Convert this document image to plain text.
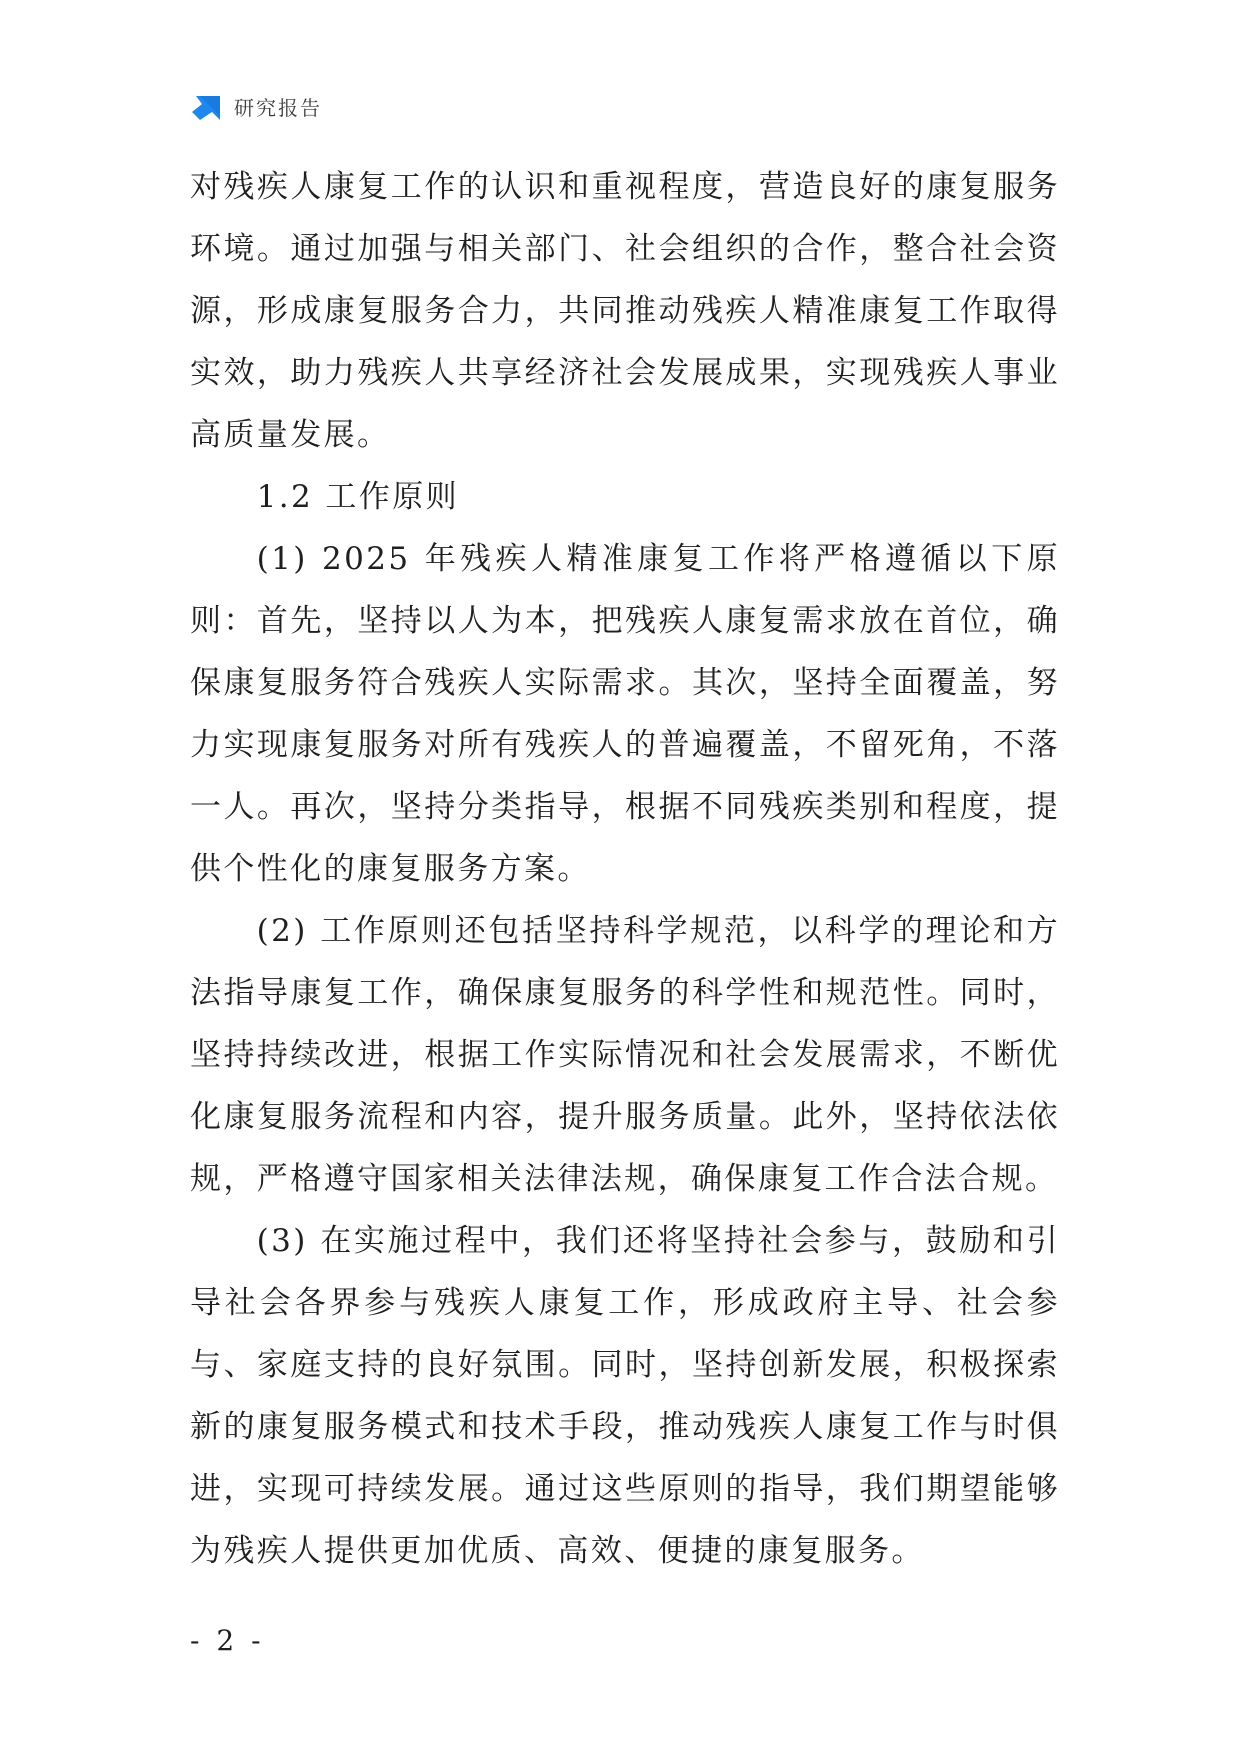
研究报告

对残疾人康复工作的认识和重视程度，营造良好的康复服务环境。通过加强与相关部门、社会组织的合作，整合社会资源，形成康复服务合力，共同推动残疾人精准康复工作取得实效，助力残疾人共享经济社会发展成果，实现残疾人事业高质量发展。

1.2 工作原则

(1) 2025 年残疾人精准康复工作将严格遵循以下原则：首先，坚持以人为本，把残疾人康复需求放在首位，确保康复服务符合残疾人实际需求。其次，坚持全面覆盖，努力实现康复服务对所有残疾人的普遍覆盖，不留死角，不落一人。再次，坚持分类指导，根据不同残疾类别和程度，提供个性化的康复服务方案。

(2) 工作原则还包括坚持科学规范，以科学的理论和方法指导康复工作，确保康复服务的科学性和规范性。同时，坚持持续改进，根据工作实际情况和社会发展需求，不断优化康复服务流程和内容，提升服务质量。此外，坚持依法依规，严格遵守国家相关法律法规，确保康复工作合法合规。

(3) 在实施过程中，我们还将坚持社会参与，鼓励和引导社会各界参与残疾人康复工作，形成政府主导、社会参与、家庭支持的良好氛围。同时，坚持创新发展，积极探索新的康复服务模式和技术手段，推动残疾人康复工作与时俱进，实现可持续发展。通过这些原则的指导，我们期望能够为残疾人提供更加优质、高效、便捷的康复服务。

- 2 -
